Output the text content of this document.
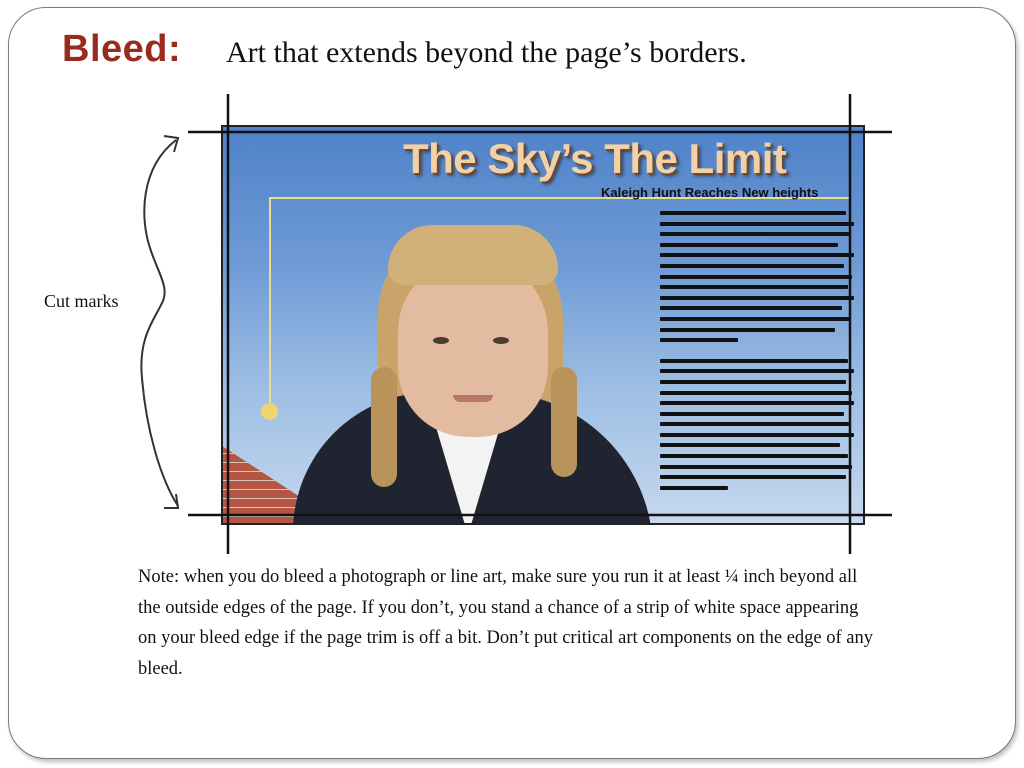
Bleed: Art that extends beyond the page’s borders.
Cut marks
The Sky’s The Limit
Kaleigh Hunt Reaches New heights
Note: when you do bleed a photograph or line art, make sure you run it at least ¼ inch beyond all the outside edges of the page. If you don’t, you stand a chance of a strip of white space appearing on your bleed edge if the page trim is off a bit. Don’t put critical art components on the edge of any bleed.
